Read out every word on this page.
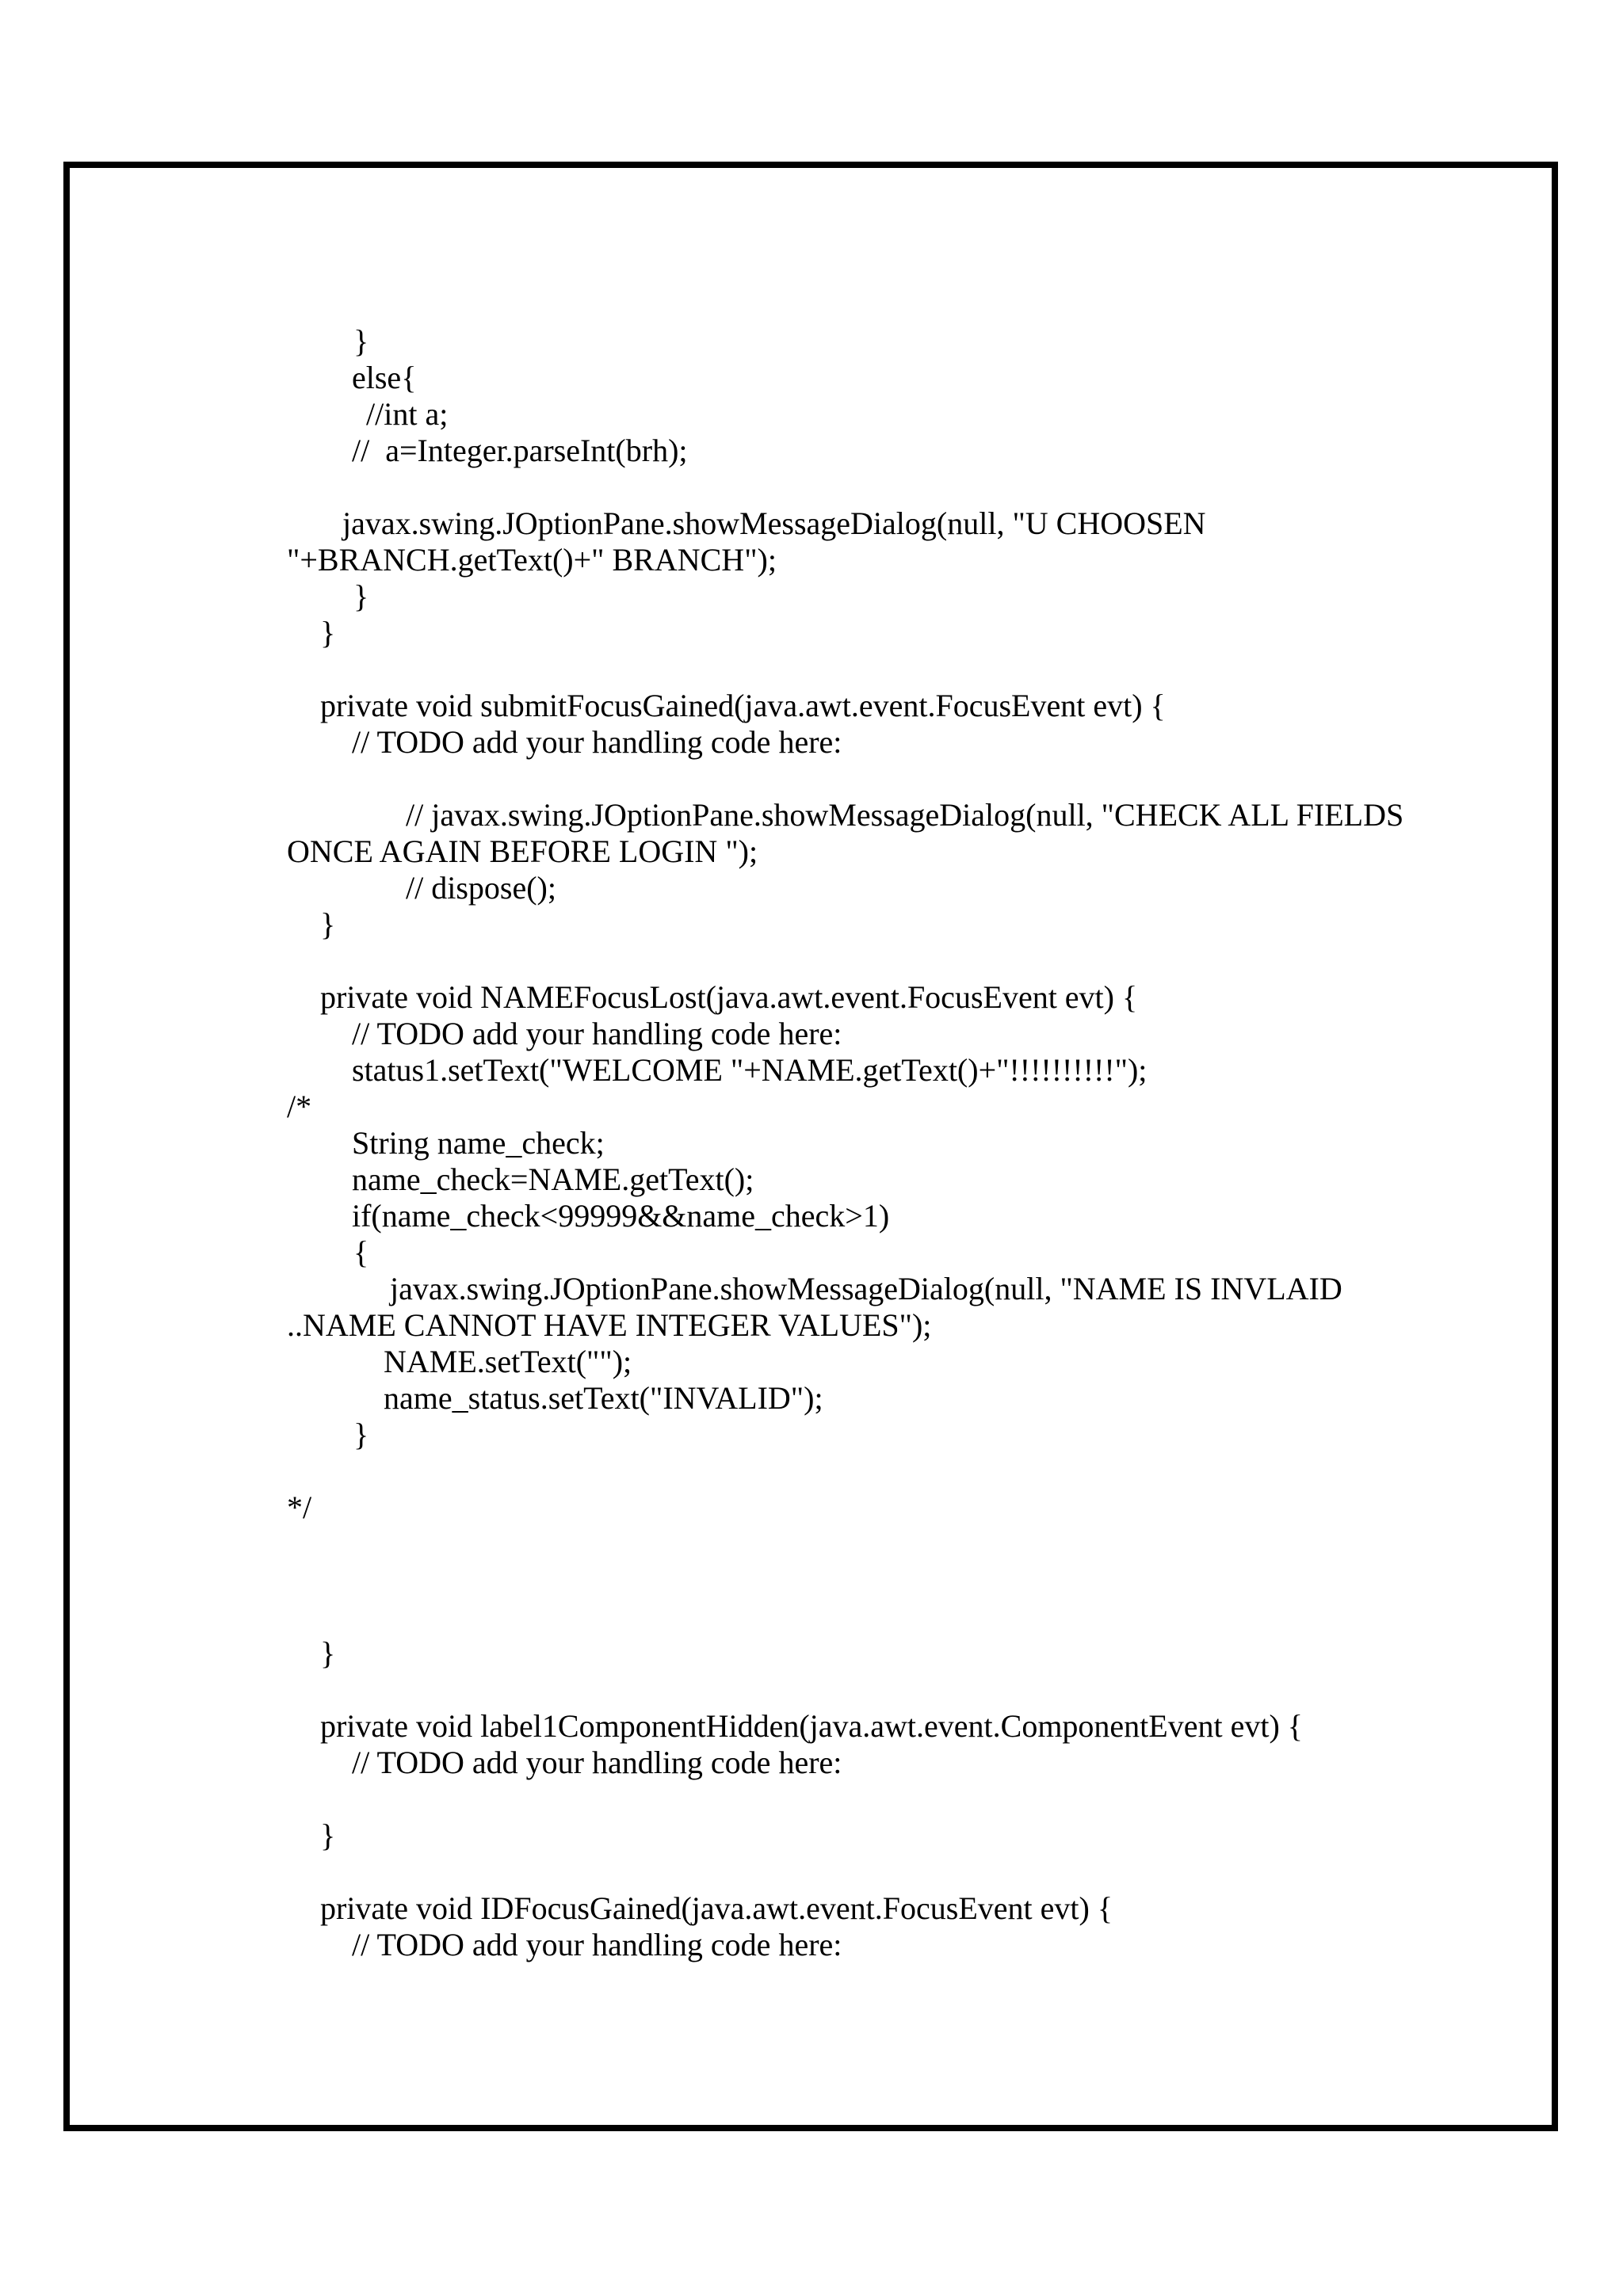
}

else{

//int a;

//  a=Integer.parseInt(brh);

javax.swing.JOptionPane.showMessageDialog(null, "U CHOOSEN

"+BRANCH.getText()+" BRANCH");

}

}

private void submitFocusGained(java.awt.event.FocusEvent evt) {

// TODO add your handling code here:

// javax.swing.JOptionPane.showMessageDialog(null, "CHECK ALL FIELDS

ONCE AGAIN BEFORE LOGIN ");

// dispose();

}

private void NAMEFocusLost(java.awt.event.FocusEvent evt) {

// TODO add your handling code here:

status1.setText("WELCOME "+NAME.getText()+"!!!!!!!!!!");

/*

String name_check;

name_check=NAME.getText();

if(name_check<99999&&name_check>1)

{

javax.swing.JOptionPane.showMessageDialog(null, "NAME IS INVLAID

..NAME CANNOT HAVE INTEGER VALUES");

NAME.setText("");

name_status.setText("INVALID");

}

*/

}

private void label1ComponentHidden(java.awt.event.ComponentEvent evt) {

// TODO add your handling code here:

}

private void IDFocusGained(java.awt.event.FocusEvent evt) {

// TODO add your handling code here:
